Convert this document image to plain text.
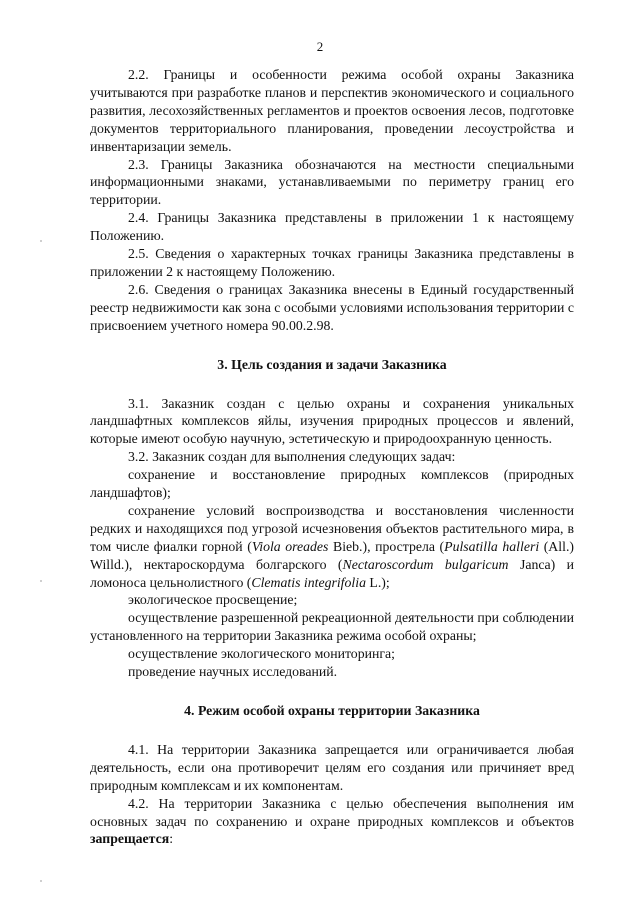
2

2.2. Границы и особенности режима особой охраны Заказника учитываются при разработке планов и перспектив экономического и социального развития, лесохозяйственных регламентов и проектов освоения лесов, подготовке документов территориального планирования, проведении лесоустройства и инвентаризации земель.

2.3. Границы Заказника обозначаются на местности специальными информационными знаками, устанавливаемыми по периметру границ его территории.

2.4. Границы Заказника представлены в приложении 1 к настоящему Положению.

2.5. Сведения о характерных точках границы Заказника представлены в приложении 2 к настоящему Положению.

2.6. Сведения о границах Заказника внесены в Единый государственный реестр недвижимости как зона с особыми условиями использования территории с присвоением учетного номера 90.00.2.98.

3. Цель создания и задачи Заказника

3.1. Заказник создан с целью охраны и сохранения уникальных ландшафтных комплексов яйлы, изучения природных процессов и явлений, которые имеют особую научную, эстетическую и природоохранную ценность.

3.2. Заказник создан для выполнения следующих задач:

сохранение и восстановление природных комплексов (природных ландшафтов);

сохранение условий воспроизводства и восстановления численности редких и находящихся под угрозой исчезновения объектов растительного мира, в том числе фиалки горной (Viola oreades Bieb.), прострела (Pulsatilla halleri (All.) Willd.), нектароскордума болгарского (Nectaroscordum bulgaricum Janca) и ломоноса цельнолистного (Clematis integrifolia L.);

экологическое просвещение;

осуществление разрешенной рекреационной деятельности при соблюдении установленного на территории Заказника режима особой охраны;

осуществление экологического мониторинга;

проведение научных исследований.

4. Режим особой охраны территории Заказника

4.1. На территории Заказника запрещается или ограничивается любая деятельность, если она противоречит целям его создания или причиняет вред природным комплексам и их компонентам.

4.2. На территории Заказника с целью обеспечения выполнения им основных задач по сохранению и охране природных комплексов и объектов запрещается:
